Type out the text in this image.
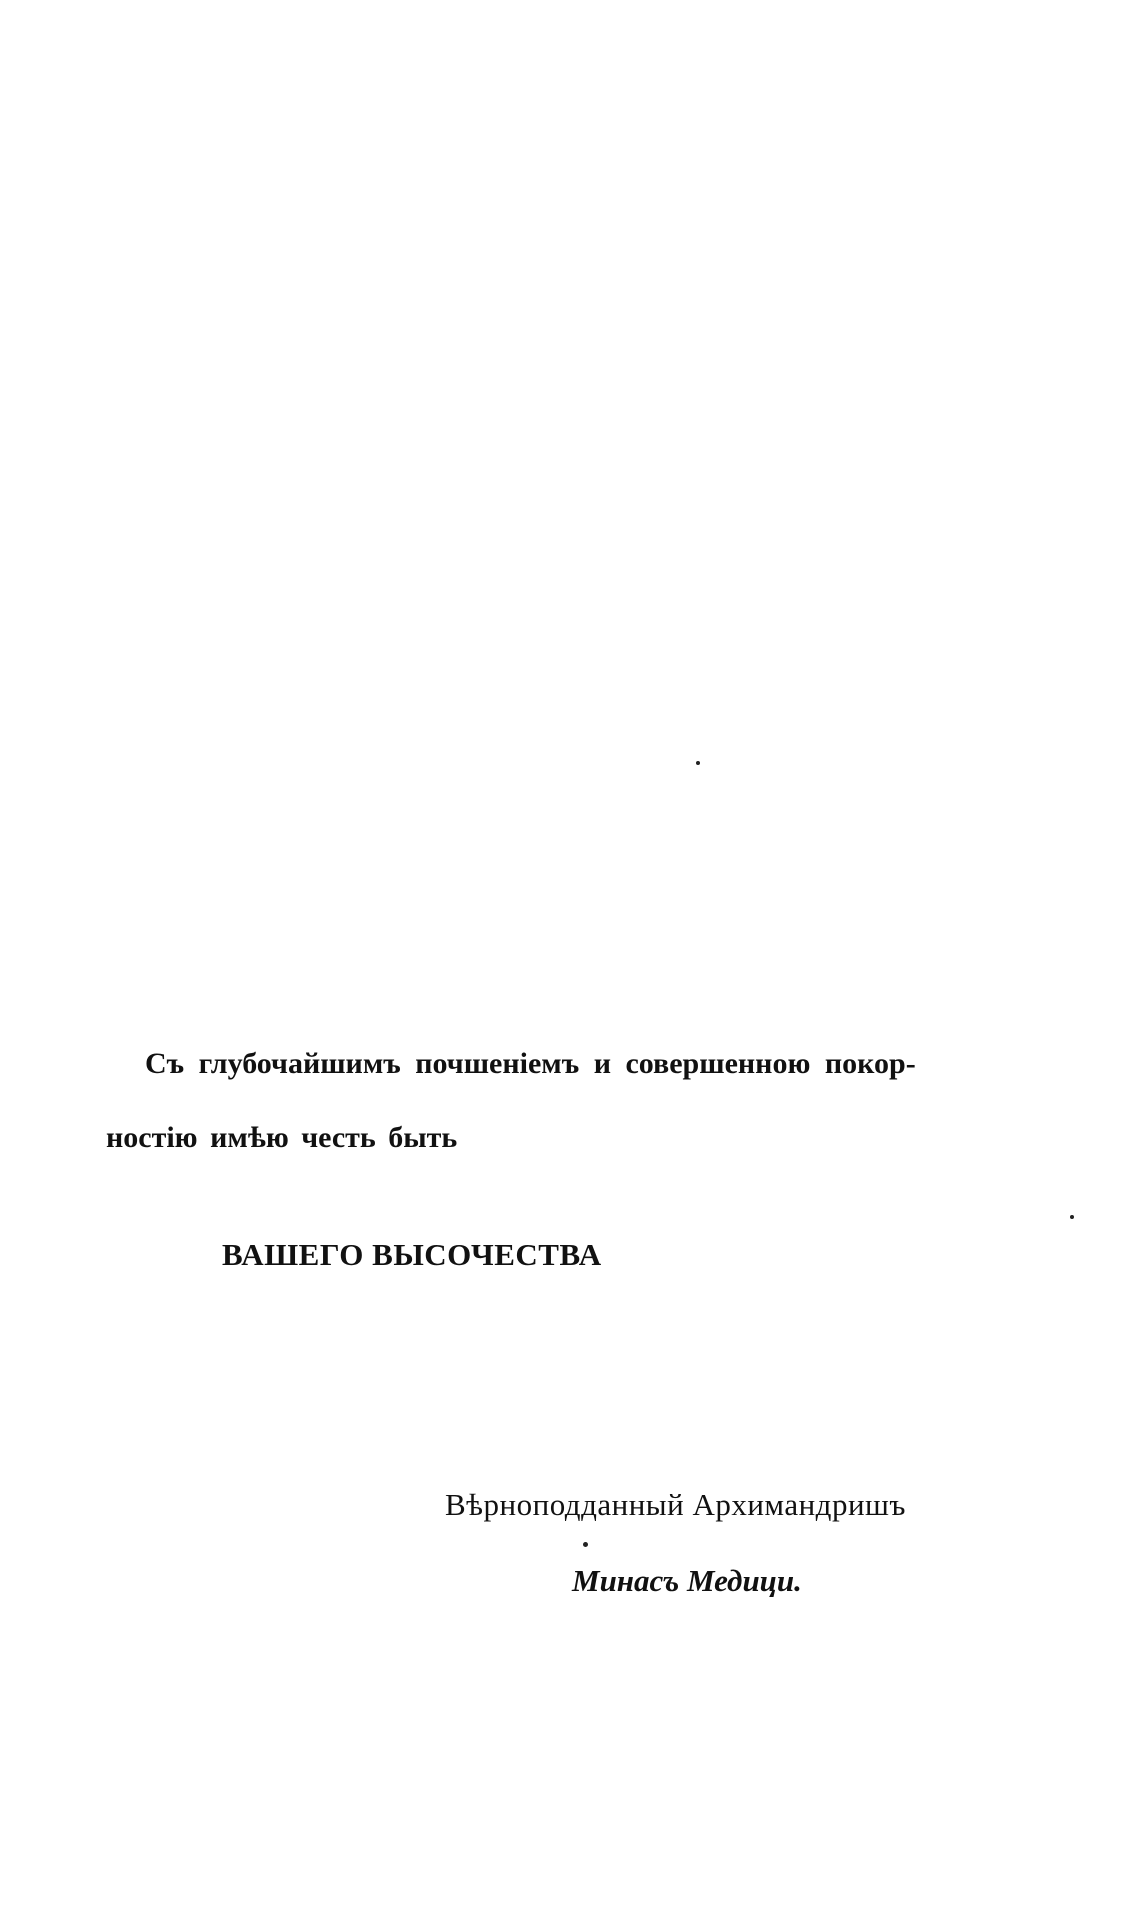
Съ глубочайшимъ почшеніемъ и совершенною покор-
ностію имѣю честь быть
ВАШЕГО ВЫСОЧЕСТВА
Вѣрноподданный Архимандришъ
Минасъ Медици.
